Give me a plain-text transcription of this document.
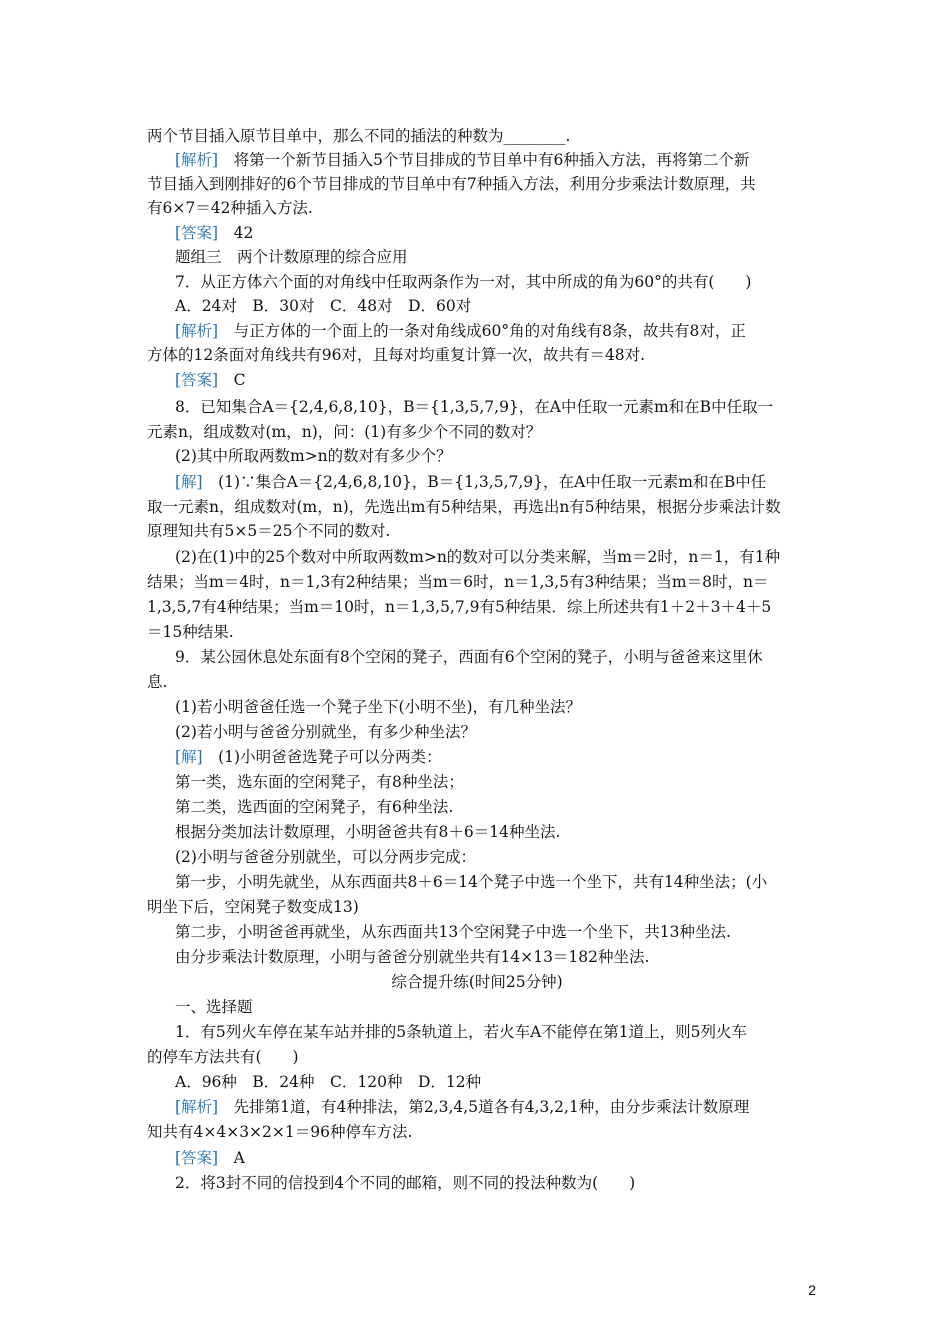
两个节目插入原节目单中，那么不同的插法的种数为________.
[解析]　 将第一个新节目插入5个节目排成的节目单中有6种插入方法，再将第二个新
节目插入到刚排好的6个节目排成的节目单中有7种插入方法，利用分步乘法计数原理，共
有6×7＝42种插入方法.
[答案]　 42
题组三　两个计数原理的综合应用
7．从正方体六个面的对角线中任取两条作为一对，其中所成的角为60°的共有(　　)
A．24对　B．30对　C．48对　D．60对
[解析]　 与正方体的一个面上的一条对角线成60°角的对角线有8条，故共有8对，正
方体的12条面对角线共有96对，且每对均重复计算一次，故共有＝48对.
[答案]　 C
8．已知集合A＝{2,4,6,8,10}，B＝{1,3,5,7,9}，在A中任取一元素m和在B中任取一
元素n，组成数对(m，n)，问：(1)有多少个不同的数对？
(2)其中所取两数m>n的数对有多少个？
[解]　 (1)∵集合A＝{2,4,6,8,10}，B＝{1,3,5,7,9}，在A中任取一元素m和在B中任
取一元素n，组成数对(m，n)，先选出m有5种结果，再选出n有5种结果，根据分步乘法计数
原理知共有5×5＝25个不同的数对.
(2)在(1)中的25个数对中所取两数m>n的数对可以分类来解，当m＝2时，n＝1，有1种
结果；当m＝4时，n＝1,3有2种结果；当m＝6时，n＝1,3,5有3种结果；当m＝8时，n＝
1,3,5,7有4种结果；当m＝10时，n＝1,3,5,7,9有5种结果．综上所述共有1＋2＋3＋4＋5
＝15种结果.
9．某公园休息处东面有8个空闲的凳子，西面有6个空闲的凳子，小明与爸爸来这里休
息.
(1)若小明爸爸任选一个凳子坐下(小明不坐)，有几种坐法？
(2)若小明与爸爸分别就坐，有多少种坐法？
[解]　 (1)小明爸爸选凳子可以分两类：
第一类，选东面的空闲凳子，有8种坐法；
第二类，选西面的空闲凳子，有6种坐法.
根据分类加法计数原理，小明爸爸共有8＋6＝14种坐法.
(2)小明与爸爸分别就坐，可以分两步完成：
第一步，小明先就坐，从东西面共8＋6＝14个凳子中选一个坐下，共有14种坐法；(小
明坐下后，空闲凳子数变成13)
第二步，小明爸爸再就坐，从东西面共13个空闲凳子中选一个坐下，共13种坐法.
由分步乘法计数原理，小明与爸爸分别就坐共有14×13＝182种坐法.
综合提升练(时间25分钟)
一、选择题
1．有5列火车停在某车站并排的5条轨道上，若火车A不能停在第1道上，则5列火车
的停车方法共有(　　)
A．96种　B．24种　C．120种　D．12种
[解析]　 先排第1道，有4种排法，第2,3,4,5道各有4,3,2,1种，由分步乘法计数原理
知共有4×4×3×2×1＝96种停车方法.
[答案]　 A
2．将3封不同的信投到4个不同的邮箱，则不同的投法种数为(　　)
2
